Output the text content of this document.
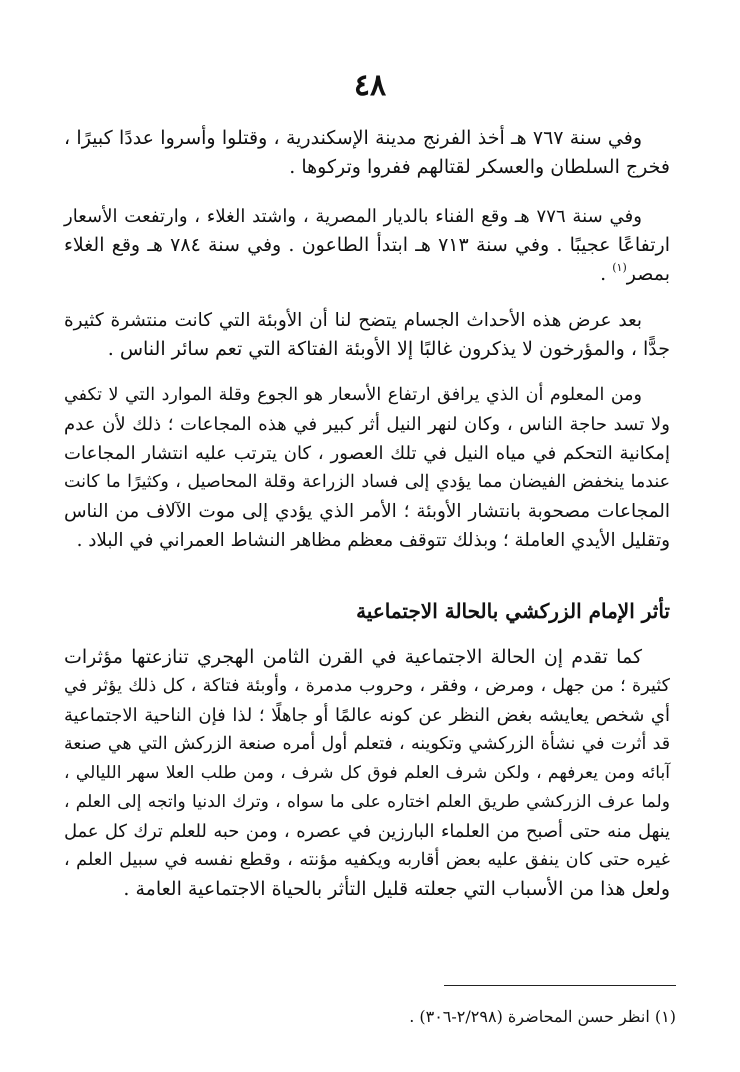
٤٨

وفي سنة ٧٦٧ هـ أخذ الفرنج مدينة الإسكندرية ، وقتلوا وأسروا عددًا كبيرًا ،
فخرج السلطان والعسكر لقتالهم ففروا وتركوها .

وفي سنة ٧٧٦ هـ وقع الفناء بالديار المصرية ، واشتد الغلاء ، وارتفعت الأسعار
ارتفاعًا عجيبًا . وفي سنة ٧١٣ هـ ابتدأ الطاعون . وفي سنة ٧٨٤ هـ وقع الغلاء
بمصر$^{(١)}$ .

بعد عرض هذه الأحداث الجسام يتضح لنا أن الأوبئة التي كانت منتشرة كثيرة
جدًّا ، والمؤرخون لا يذكرون غالبًا إلا الأوبئة الفتاكة التي تعم سائر الناس .

ومن المعلوم أن الذي يرافق ارتفاع الأسعار هو الجوع وقلة الموارد التي لا تكفي
ولا تسد حاجة الناس ، وكان لنهر النيل أثر كبير في هذه المجاعات ؛ ذلك لأن عدم
إمكانية التحكم في مياه النيل في تلك العصور ، كان يترتب عليه انتشار المجاعات
عندما ينخفض الفيضان مما يؤدي إلى فساد الزراعة وقلة المحاصيل ، وكثيرًا ما كانت
المجاعات مصحوبة بانتشار الأوبئة ؛ الأمر الذي يؤدي إلى موت الآلاف من الناس
وتقليل الأيدي العاملة ؛ وبذلك تتوقف معظم مظاهر النشاط العمراني في البلاد .

تأثر الإمام الزركشي بالحالة الاجتماعية

كما تقدم إن الحالة الاجتماعية في القرن الثامن الهجري تنازعتها مؤثرات
كثيرة ؛ من جهل ، ومرض ، وفقر ، وحروب مدمرة ، وأوبئة فتاكة ، كل ذلك يؤثر في
أي شخص يعايشه بغض النظر عن كونه عالمًا أو جاهلًا ؛ لذا فإن الناحية الاجتماعية
قد أثرت في نشأة الزركشي وتكوينه ، فتعلم أول أمره صنعة الزركش التي هي صنعة
آبائه ومن يعرفهم ، ولكن شرف العلم فوق كل شرف ، ومن طلب العلا سهر الليالي ،
ولما عرف الزركشي طريق العلم اختاره على ما سواه ، وترك الدنيا واتجه إلى العلم ،
ينهل منه حتى أصبح من العلماء البارزين في عصره ، ومن حبه للعلم ترك كل عمل
غيره حتى كان ينفق عليه بعض أقاربه ويكفيه مؤنته ، وقطع نفسه في سبيل العلم ،
ولعل هذا من الأسباب التي جعلته قليل التأثر بالحياة الاجتماعية العامة .

(١) انظر حسن المحاضرة (٢/٢٩٨-٣٠٦) .
